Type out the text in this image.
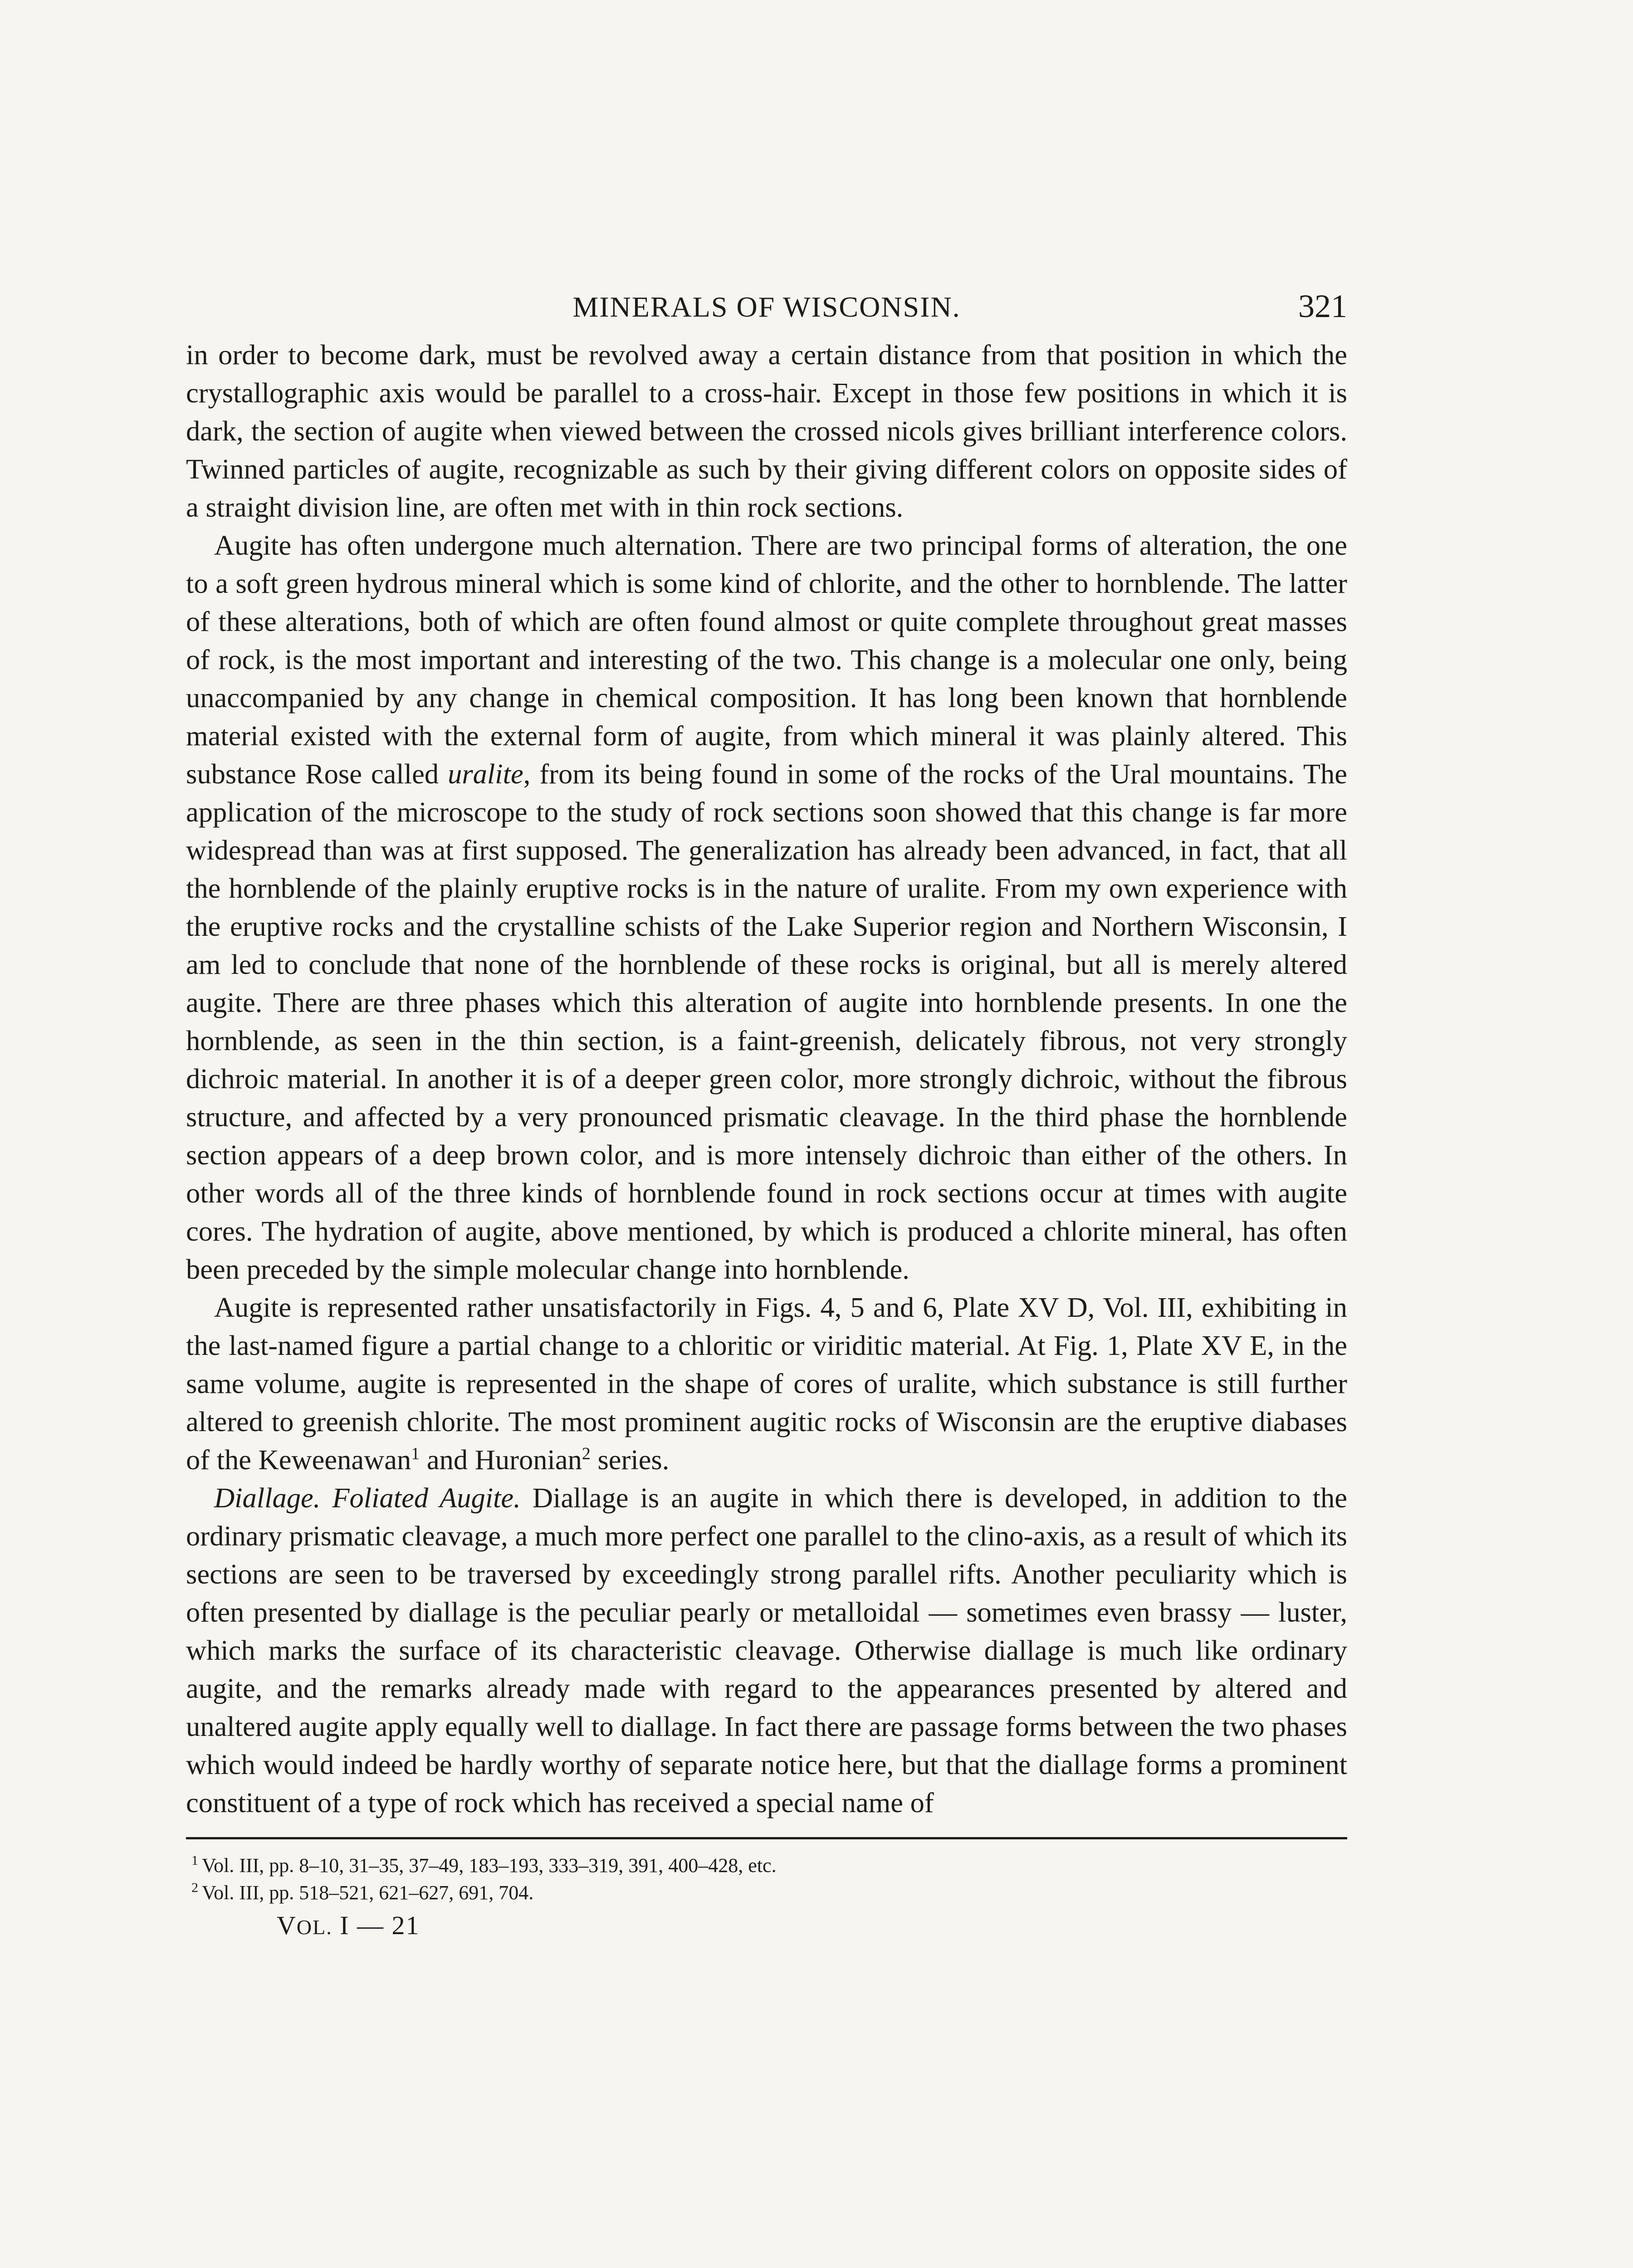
MINERALS OF WISCONSIN.	321

in order to become dark, must be revolved away a certain distance from that position in which the crystallographic axis would be parallel to a cross-hair. Except in those few positions in which it is dark, the section of augite when viewed between the crossed nicols gives brilliant interference colors. Twinned particles of augite, recognizable as such by their giving different colors on opposite sides of a straight division line, are often met with in thin rock sections.

Augite has often undergone much alternation. There are two principal forms of alteration, the one to a soft green hydrous mineral which is some kind of chlorite, and the other to hornblende. The latter of these alterations, both of which are often found almost or quite complete throughout great masses of rock, is the most important and interesting of the two. This change is a molecular one only, being unaccompanied by any change in chemical composition. It has long been known that hornblende material existed with the external form of augite, from which mineral it was plainly altered. This substance Rose called uralite, from its being found in some of the rocks of the Ural mountains. The application of the microscope to the study of rock sections soon showed that this change is far more widespread than was at first supposed. The generalization has already been advanced, in fact, that all the hornblende of the plainly eruptive rocks is in the nature of uralite. From my own experience with the eruptive rocks and the crystalline schists of the Lake Superior region and Northern Wisconsin, I am led to conclude that none of the hornblende of these rocks is original, but all is merely altered augite. There are three phases which this alteration of augite into hornblende presents. In one the hornblende, as seen in the thin section, is a faint-greenish, delicately fibrous, not very strongly dichroic material. In another it is of a deeper green color, more strongly dichroic, without the fibrous structure, and affected by a very pronounced prismatic cleavage. In the third phase the hornblende section appears of a deep brown color, and is more intensely dichroic than either of the others. In other words all of the three kinds of hornblende found in rock sections occur at times with augite cores. The hydration of augite, above mentioned, by which is produced a chlorite mineral, has often been preceded by the simple molecular change into hornblende.

Augite is represented rather unsatisfactorily in Figs. 4, 5 and 6, Plate XV D, Vol. III, exhibiting in the last-named figure a partial change to a chloritic or viriditic material. At Fig. 1, Plate XV E, in the same volume, augite is represented in the shape of cores of uralite, which substance is still further altered to greenish chlorite. The most prominent augitic rocks of Wisconsin are the eruptive diabases of the Keweenawan$^1$ and Huronian$^2$ series.

Diallage. Foliated Augite. Diallage is an augite in which there is developed, in addition to the ordinary prismatic cleavage, a much more perfect one parallel to the clino-axis, as a result of which its sections are seen to be traversed by exceedingly strong parallel rifts. Another peculiarity which is often presented by diallage is the peculiar pearly or metalloidal — sometimes even brassy — luster, which marks the surface of its characteristic cleavage. Otherwise diallage is much like ordinary augite, and the remarks already made with regard to the appearances presented by altered and unaltered augite apply equally well to diallage. In fact there are passage forms between the two phases which would indeed be hardly worthy of separate notice here, but that the diallage forms a prominent constituent of a type of rock which has received a special name of

$^1$ Vol. III, pp. 8–10, 31–35, 37–49, 183–193, 333–319, 391, 400–428, etc.
$^2$ Vol. III, pp. 518–521, 621–627, 691, 704.
VOL. I — 21
